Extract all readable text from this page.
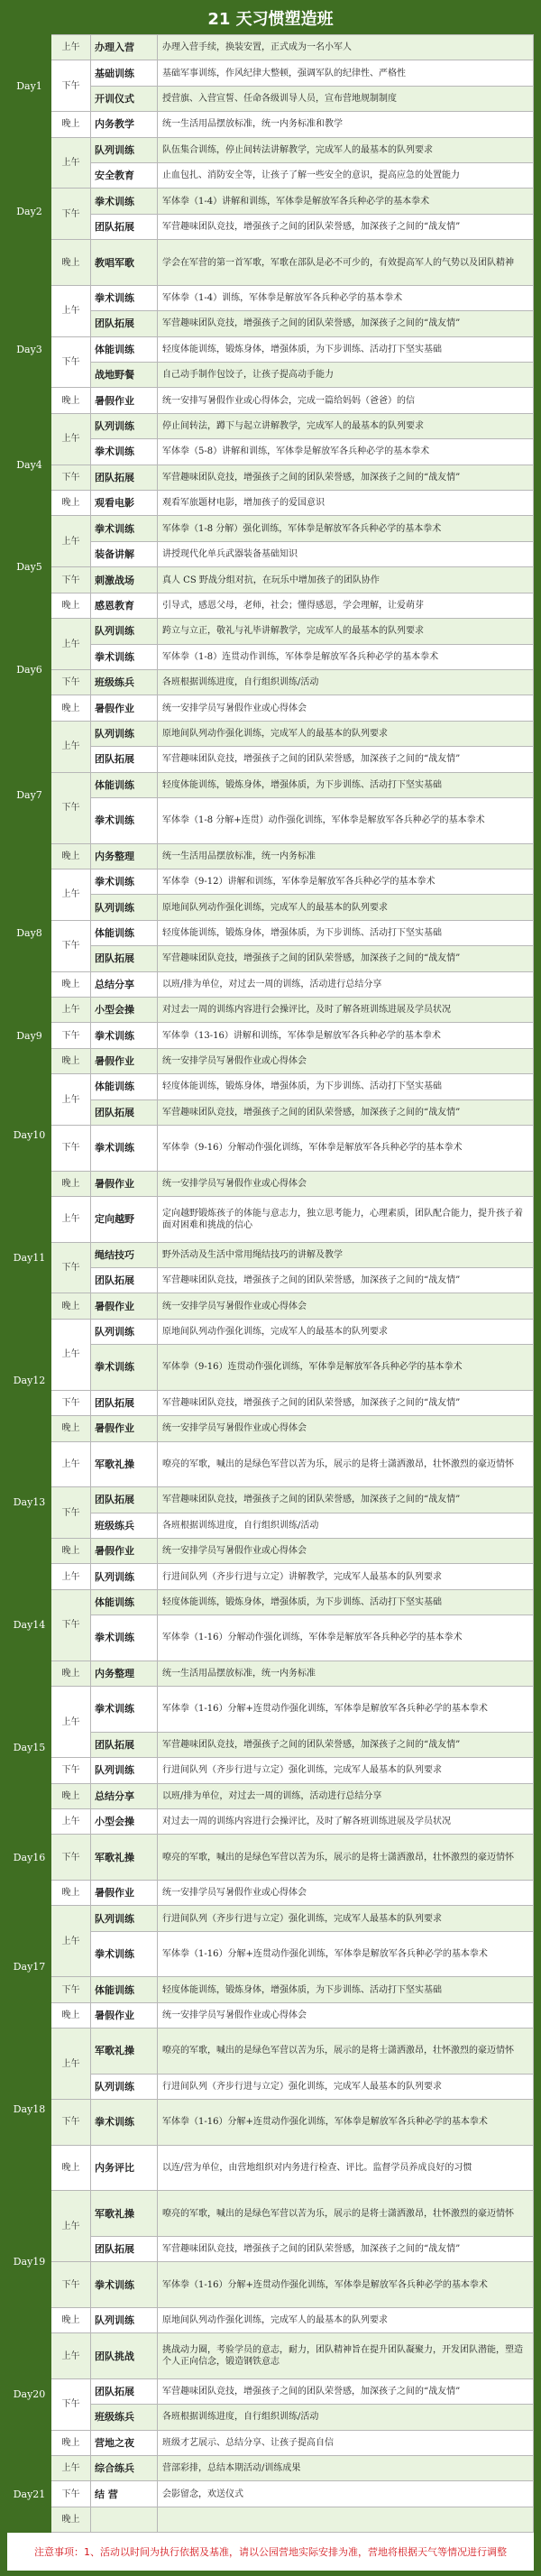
21 天习惯塑造班
Day1	上午	办理入营	办理入营手续，换装安置，正式成为一名小军人
	下午	基础训练	基础军事训练，作风纪律大整顿，强调军队的纪律性、严格性
		开训仪式	授营旗、入营宣誓、任命各级训导人员，宣布营地规制制度
	晚上	内务教学	统一生活用品摆放标准，统一内务标准和教学
Day2	上午	队列训练	队伍集合训练，停止间转法讲解教学，完成军人的最基本的队列要求
		安全教育	止血包扎、消防安全等，让孩子了解一些安全的意识，提高应急的处置能力
	下午	拳术训练	军体拳（1-4）讲解和训练，军体拳是解放军各兵种必学的基本拳术
		团队拓展	军营趣味团队竞技，增强孩子之间的团队荣誉感，加深孩子之间的“战友情”
	晚上	教唱军歌	学会在军营的第一首军歌，军歌在部队是必不可少的，有效提高军人的气势以及团队精神
Day3	上午	拳术训练	军体拳（1-4）训练，军体拳是解放军各兵种必学的基本拳术
		团队拓展	军营趣味团队竞技，增强孩子之间的团队荣誉感，加深孩子之间的“战友情”
	下午	体能训练	轻度体能训练，锻炼身体，增强体质，为下步训练、活动打下坚实基础
		战地野餐	自己动手制作包饺子，让孩子提高动手能力
	晚上	暑假作业	统一安排写暑假作业或心得体会，完成一篇给妈妈（爸爸）的信
Day4	上午	队列训练	停止间转法，蹲下与起立讲解教学，完成军人的最基本的队列要求
		拳术训练	军体拳（5-8）讲解和训练，军体拳是解放军各兵种必学的基本拳术
	下午	团队拓展	军营趣味团队竞技，增强孩子之间的团队荣誉感，加深孩子之间的“战友情”
	晚上	观看电影	观看军旅题材电影，增加孩子的爱国意识
Day5	上午	拳术训练	军体拳（1-8 分解）强化训练，军体拳是解放军各兵种必学的基本拳术
		装备讲解	讲授现代化单兵武器装备基础知识
	下午	刺激战场	真人 CS 野战分组对抗，在玩乐中增加孩子的团队协作
	晚上	感恩教育	引导式，感恩父母，老师，社会；懂得感恩，学会理解，让爱萌芽
Day6	上午	队列训练	跨立与立正，敬礼与礼毕讲解教学，完成军人的最基本的队列要求
		拳术训练	军体拳（1-8）连贯动作训练，军体拳是解放军各兵种必学的基本拳术
	下午	班级练兵	各班根据训练进度，自行组织训练/活动
	晚上	暑假作业	统一安排学员写暑假作业或心得体会
Day7	上午	队列训练	原地间队列动作强化训练，完成军人的最基本的队列要求
		团队拓展	军营趣味团队竞技，增强孩子之间的团队荣誉感，加深孩子之间的“战友情”
	下午	体能训练	轻度体能训练，锻炼身体，增强体质，为下步训练、活动打下坚实基础
		拳术训练	军体拳（1-8 分解+连贯）动作强化训练，军体拳是解放军各兵种必学的基本拳术
	晚上	内务整理	统一生活用品摆放标准，统一内务标准
Day8	上午	拳术训练	军体拳（9-12）讲解和训练，军体拳是解放军各兵种必学的基本拳术
		队列训练	原地间队列动作强化训练，完成军人的最基本的队列要求
	下午	体能训练	轻度体能训练，锻炼身体，增强体质，为下步训练、活动打下坚实基础
		团队拓展	军营趣味团队竞技，增强孩子之间的团队荣誉感，加深孩子之间的“战友情”
	晚上	总结分享	以班/排为单位，对过去一周的训练，活动进行总结分享
Day9	上午	小型会操	对过去一周的训练内容进行会操评比，及时了解各班训练进展及学员状况
	下午	拳术训练	军体拳（13-16）讲解和训练，军体拳是解放军各兵种必学的基本拳术
	晚上	暑假作业	统一安排学员写暑假作业或心得体会
Day10	上午	体能训练	轻度体能训练，锻炼身体，增强体质，为下步训练、活动打下坚实基础
		团队拓展	军营趣味团队竞技，增强孩子之间的团队荣誉感，加深孩子之间的“战友情”
	下午	拳术训练	军体拳（9-16）分解动作强化训练，军体拳是解放军各兵种必学的基本拳术
	晚上	暑假作业	统一安排学员写暑假作业或心得体会
Day11	上午	定向越野	定向越野锻炼孩子的体能与意志力，独立思考能力，心理素质，团队配合能力，提升孩子着面对困难和挑战的信心
	下午	绳结技巧	野外活动及生活中常用绳结技巧的讲解及教学
		团队拓展	军营趣味团队竞技，增强孩子之间的团队荣誉感，加深孩子之间的“战友情”
	晚上	暑假作业	统一安排学员写暑假作业或心得体会
Day12	上午	队列训练	原地间队列动作强化训练，完成军人的最基本的队列要求
		拳术训练	军体拳（9-16）连贯动作强化训练，军体拳是解放军各兵种必学的基本拳术
	下午	团队拓展	军营趣味团队竞技，增强孩子之间的团队荣誉感，加深孩子之间的“战友情”
	晚上	暑假作业	统一安排学员写暑假作业或心得体会
Day13	上午	军歌礼操	嘹亮的军歌，喊出的是绿色军营以苦为乐，展示的是将士潇洒激昂，壮怀激烈的豪迈情怀
	下午	团队拓展	军营趣味团队竞技，增强孩子之间的团队荣誉感，加深孩子之间的“战友情”
		班级练兵	各班根据训练进度，自行组织训练/活动
	晚上	暑假作业	统一安排学员写暑假作业或心得体会
Day14	上午	队列训练	行进间队列（齐步行进与立定）讲解教学，完成军人最基本的队列要求
	下午	体能训练	轻度体能训练，锻炼身体，增强体质，为下步训练、活动打下坚实基础
		拳术训练	军体拳（1-16）分解动作强化训练，军体拳是解放军各兵种必学的基本拳术
	晚上	内务整理	统一生活用品摆放标准，统一内务标准
Day15	上午	拳术训练	军体拳（1-16）分解+连贯动作强化训练，军体拳是解放军各兵种必学的基本拳术
		团队拓展	军营趣味团队竞技，增强孩子之间的团队荣誉感，加深孩子之间的“战友情”
	下午	队列训练	行进间队列（齐步行进与立定）强化训练，完成军人最基本的队列要求
	晚上	总结分享	以班/排为单位，对过去一周的训练，活动进行总结分享
Day16	上午	小型会操	对过去一周的训练内容进行会操评比，及时了解各班训练进展及学员状况
	下午	军歌礼操	嘹亮的军歌，喊出的是绿色军营以苦为乐，展示的是将士潇洒激昂，壮怀激烈的豪迈情怀
	晚上	暑假作业	统一安排学员写暑假作业或心得体会
Day17	上午	队列训练	行进间队列（齐步行进与立定）强化训练，完成军人最基本的队列要求
		拳术训练	军体拳（1-16）分解+连贯动作强化训练，军体拳是解放军各兵种必学的基本拳术
	下午	体能训练	轻度体能训练，锻炼身体，增强体质，为下步训练、活动打下坚实基础
	晚上	暑假作业	统一安排学员写暑假作业或心得体会
Day18	上午	军歌礼操	嘹亮的军歌，喊出的是绿色军营以苦为乐，展示的是将士潇洒激昂，壮怀激烈的豪迈情怀
		队列训练	行进间队列（齐步行进与立定）强化训练，完成军人最基本的队列要求
	下午	拳术训练	军体拳（1-16）分解+连贯动作强化训练，军体拳是解放军各兵种必学的基本拳术
	晚上	内务评比	以连/营为单位，由营地组织对内务进行检查、评比。监督学员养成良好的习惯
Day19	上午	军歌礼操	嘹亮的军歌，喊出的是绿色军营以苦为乐，展示的是将士潇洒激昂，壮怀激烈的豪迈情怀
		团队拓展	军营趣味团队竞技，增强孩子之间的团队荣誉感，加深孩子之间的“战友情”
	下午	拳术训练	军体拳（1-16）分解+连贯动作强化训练，军体拳是解放军各兵种必学的基本拳术
	晚上	队列训练	原地间队列动作强化训练，完成军人的最基本的队列要求
Day20	上午	团队挑战	挑战动力圈，考验学员的意志，耐力，团队精神旨在提升团队凝聚力，开发团队潜能，塑造个人正向信念，锻造钢铁意志
	下午	团队拓展	军营趣味团队竞技，增强孩子之间的团队荣誉感，加深孩子之间的“战友情”
		班级练兵	各班根据训练进度，自行组织训练/活动
	晚上	营地之夜	班级才艺展示、总结分享、让孩子提高自信
Day21	上午	综合练兵	营部彩排，总结本期活动/训练成果
	下午	结 营	会影留念，欢送仪式
	晚上		
注意事项：1、活动以时间为执行依据及基准，请以公园营地实际安排为准，营地将根据天气等情况进行调整
